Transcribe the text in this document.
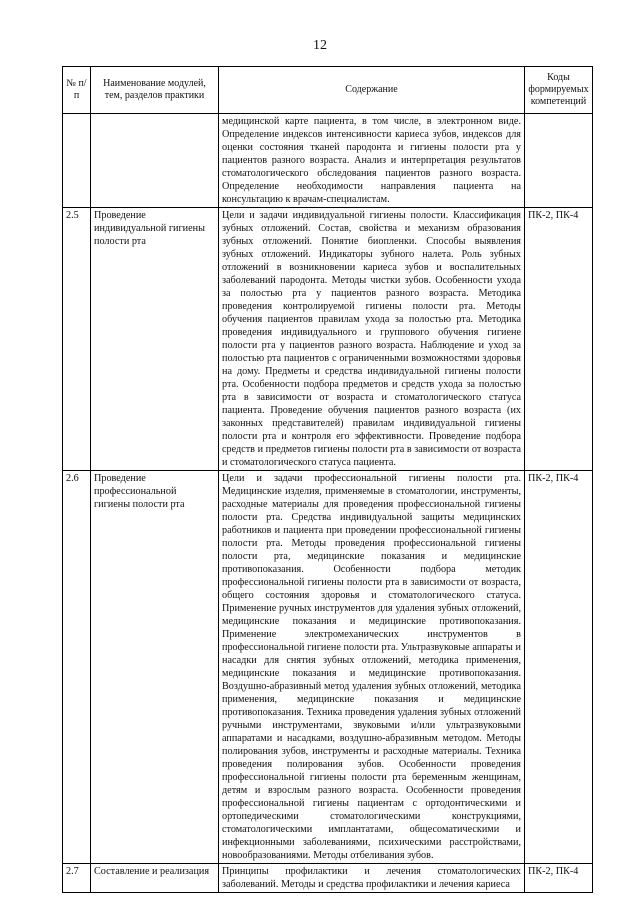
12
№ п/п	Наименование модулей, тем, разделов практики	Содержание	Коды формируемых компетенций
		медицинской карте пациента, в том числе, в электронном виде. Определение индексов интенсивности кариеса зубов, индексов для оценки состояния тканей пародонта и гигиены полости рта у пациентов разного возраста. Анализ и интерпретация результатов стоматологического обследования пациентов разного возраста. Определение необходимости направления пациента на консультацию к врачам-специалистам.	
2.5	Проведение индивидуальной гигиены полости рта	Цели и задачи индивидуальной гигиены полости. Классификация зубных отложений. Состав, свойства и механизм образования зубных отложений. Понятие биопленки. Способы выявления зубных отложений. Индикаторы зубного налета. Роль зубных отложений в возникновении кариеса зубов и воспалительных заболеваний пародонта. Методы чистки зубов. Особенности ухода за полостью рта у пациентов разного возраста. Методика проведения контролируемой гигиены полости рта. Методы обучения пациентов правилам ухода за полостью рта. Методика проведения индивидуального и группового обучения гигиене полости рта у пациентов разного возраста. Наблюдение и уход за полостью рта пациентов с ограниченными возможностями здоровья на дому. Предметы и средства индивидуальной гигиены полости рта. Особенности подбора предметов и средств ухода за полостью рта в зависимости от возраста и стоматологического статуса пациента. Проведение обучения пациентов разного возраста (их законных представителей) правилам индивидуальной гигиены полости рта и контроля его эффективности. Проведение подбора средств и предметов гигиены полости рта в зависимости от возраста и стоматологического статуса пациента.	ПК-2, ПК-4
2.6	Проведение профессиональной гигиены полости рта	Цели и задачи профессиональной гигиены полости рта. Медицинские изделия, применяемые в стоматологии, инструменты, расходные материалы для проведения профессиональной гигиены полости рта. Средства индивидуальной защиты медицинских работников и пациента при проведении профессиональной гигиены полости рта. Методы проведения профессиональной гигиены полости рта, медицинские показания и медицинские противопоказания. Особенности подбора методик профессиональной гигиены полости рта в зависимости от возраста, общего состояния здоровья и стоматологического статуса. Применение ручных инструментов для удаления зубных отложений, медицинские показания и медицинские противопоказания. Применение электромеханических инструментов в профессиональной гигиене полости рта. Ультразвуковые аппараты и насадки для снятия зубных отложений, методика применения, медицинские показания и медицинские противопоказания. Воздушно-абразивный метод удаления зубных отложений, методика применения, медицинские показания и медицинские противопоказания. Техника проведения удаления зубных отложений ручными инструментами, звуковыми и/или ультразвуковыми аппаратами и насадками, воздушно-абразивным методом. Методы полирования зубов, инструменты и расходные материалы. Техника проведения полирования зубов. Особенности проведения профессиональной гигиены полости рта беременным женщинам, детям и взрослым разного возраста. Особенности проведения профессиональной гигиены пациентам с ортодонтическими и ортопедическими стоматологическими конструкциями, стоматологическими имплантатами, общесоматическими и инфекционными заболеваниями, психическими расстройствами, новообразованиями. Методы отбеливания зубов.	ПК-2, ПК-4
2.7	Составление и реализация	Принципы профилактики и лечения стоматологических заболеваний. Методы и средства профилактики и лечения кариеса	ПК-2, ПК-4
